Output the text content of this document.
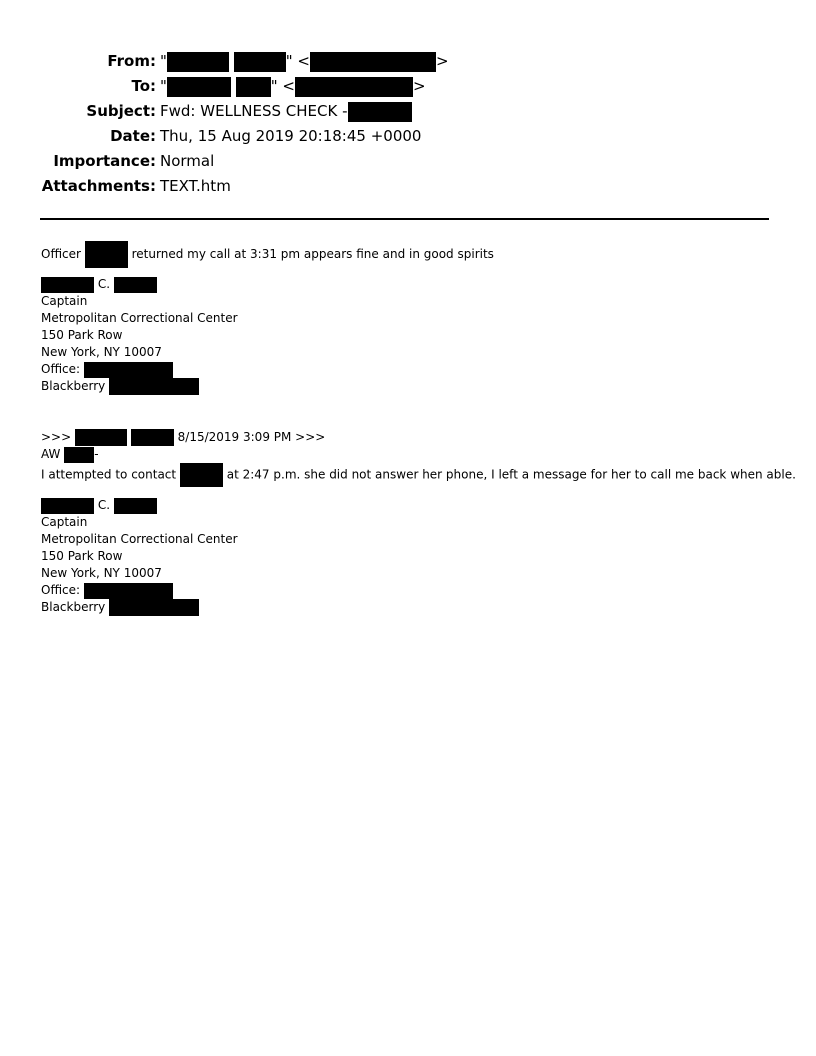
From: "	" <	>
To: "	" <	>
Subject: Fwd: WELLNESS CHECK -
Date: Thu, 15 Aug 2019 20:18:45 +0000
Importance: Normal
Attachments: TEXT.htm
Officer	returned my call at 3:31 pm appears fine and in good spirits
C.
Captain
Metropolitan Correctional Center
150 Park Row
New York, NY 10007
Office:
Blackberry
>>>	8/15/2019 3:09 PM >>>
AW	-
I attempted to contact	at 2:47 p.m. she did not answer her phone, I left a message for her to call me back when able.
C.
Captain
Metropolitan Correctional Center
150 Park Row
New York, NY 10007
Office:
Blackberry
